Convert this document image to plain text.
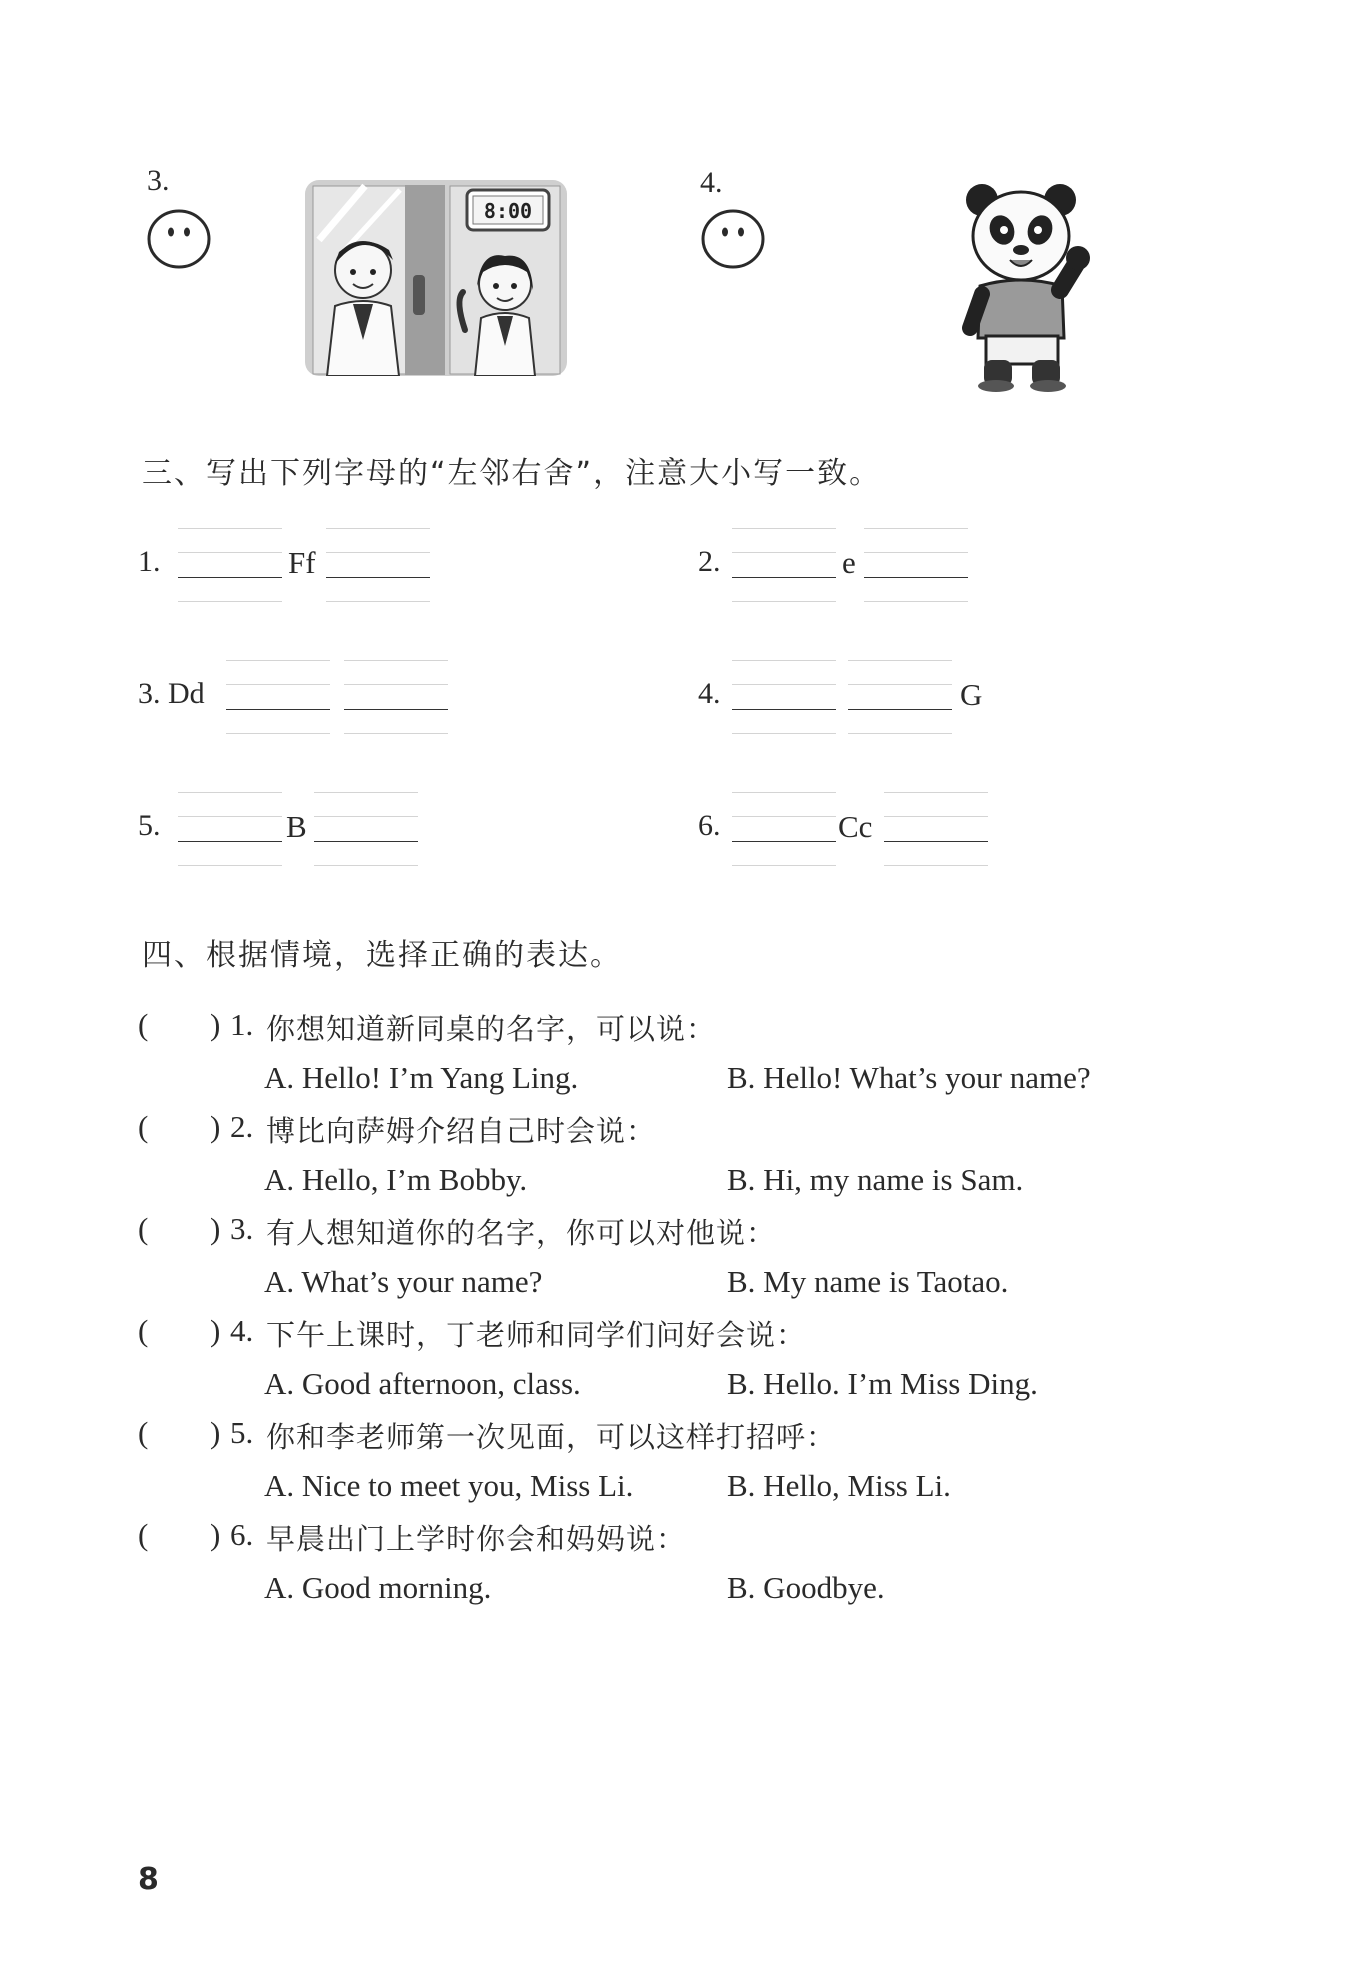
3.
8:00
4.
三、写出下列字母的“左邻右舍”，注意大小写一致。
1.	Ff	2.	e
3. Dd	4.	G
5.	B	6.	Cc
四、根据情境，选择正确的表达。
( ) 1. 你想知道新同桌的名字，可以说：
A. Hello! I’m Yang Ling.	B. Hello! What’s your name?
( ) 2. 博比向萨姆介绍自己时会说：
A. Hello, I’m Bobby.	B. Hi, my name is Sam.
( ) 3. 有人想知道你的名字，你可以对他说：
A. What’s your name?	B. My name is Taotao.
( ) 4. 下午上课时，丁老师和同学们问好会说：
A. Good afternoon, class.	B. Hello. I’m Miss Ding.
( ) 5. 你和李老师第一次见面，可以这样打招呼：
A. Nice to meet you, Miss Li.	B. Hello, Miss Li.
( ) 6. 早晨出门上学时你会和妈妈说：
A. Good morning.	B. Goodbye.
8
